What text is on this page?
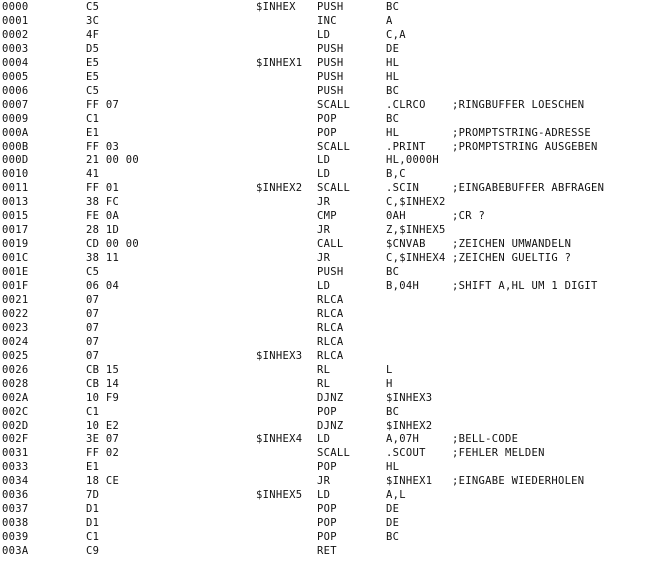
0000	C5	$INHEX PUSH	BC
0001	3C	INC	A
0002	4F	LD	C,A
0003	D5	PUSH	DE
0004	E5	$INHEX1 PUSH	HL
0005	E5	PUSH	HL
0006	C5	PUSH	BC
0007	FF 07	SCALL	.CLRCO	;RINGBUFFER LOESCHEN
0009	C1	POP	BC
000A	E1	POP	HL	;PROMPTSTRING-ADRESSE
000B	FF 03	SCALL	.PRINT	;PROMPTSTRING AUSGEBEN
000D	21 00 00	LD	HL,0000H
0010	41	LD	B,C
0011	FF 01	$INHEX2 SCALL	.SCIN	;EINGABEBUFFER ABFRAGEN
0013	38 FC	JR	C,$INHEX2
0015	FE 0A	CMP	0AH	;CR ?
0017	28 1D	JR	Z,$INHEX5
0019	CD 00 00	CALL	$CNVAB	;ZEICHEN UMWANDELN
001C	38 11	JR	C,$INHEX4 ;ZEICHEN GUELTIG ?
001E	C5	PUSH	BC
001F	06 04	LD	B,04H	;SHIFT A,HL UM 1 DIGIT
0021	07	RLCA
0022	07	RLCA
0023	07	RLCA
0024	07	RLCA
0025	07	$INHEX3 RLCA
0026	CB 15	RL	L
0028	CB 14	RL	H
002A	10 F9	DJNZ	$INHEX3
002C	C1	POP	BC
002D	10 E2	DJNZ	$INHEX2
002F	3E 07	$INHEX4 LD	A,07H	;BELL-CODE
0031	FF 02	SCALL	.SCOUT	;FEHLER MELDEN
0033	E1	POP	HL
0034	18 CE	JR	$INHEX1 ;EINGABE WIEDERHOLEN
0036	7D	$INHEX5 LD	A,L
0037	D1	POP	DE
0038	D1	POP	DE
0039	C1	POP	BC
003A	C9	RET
